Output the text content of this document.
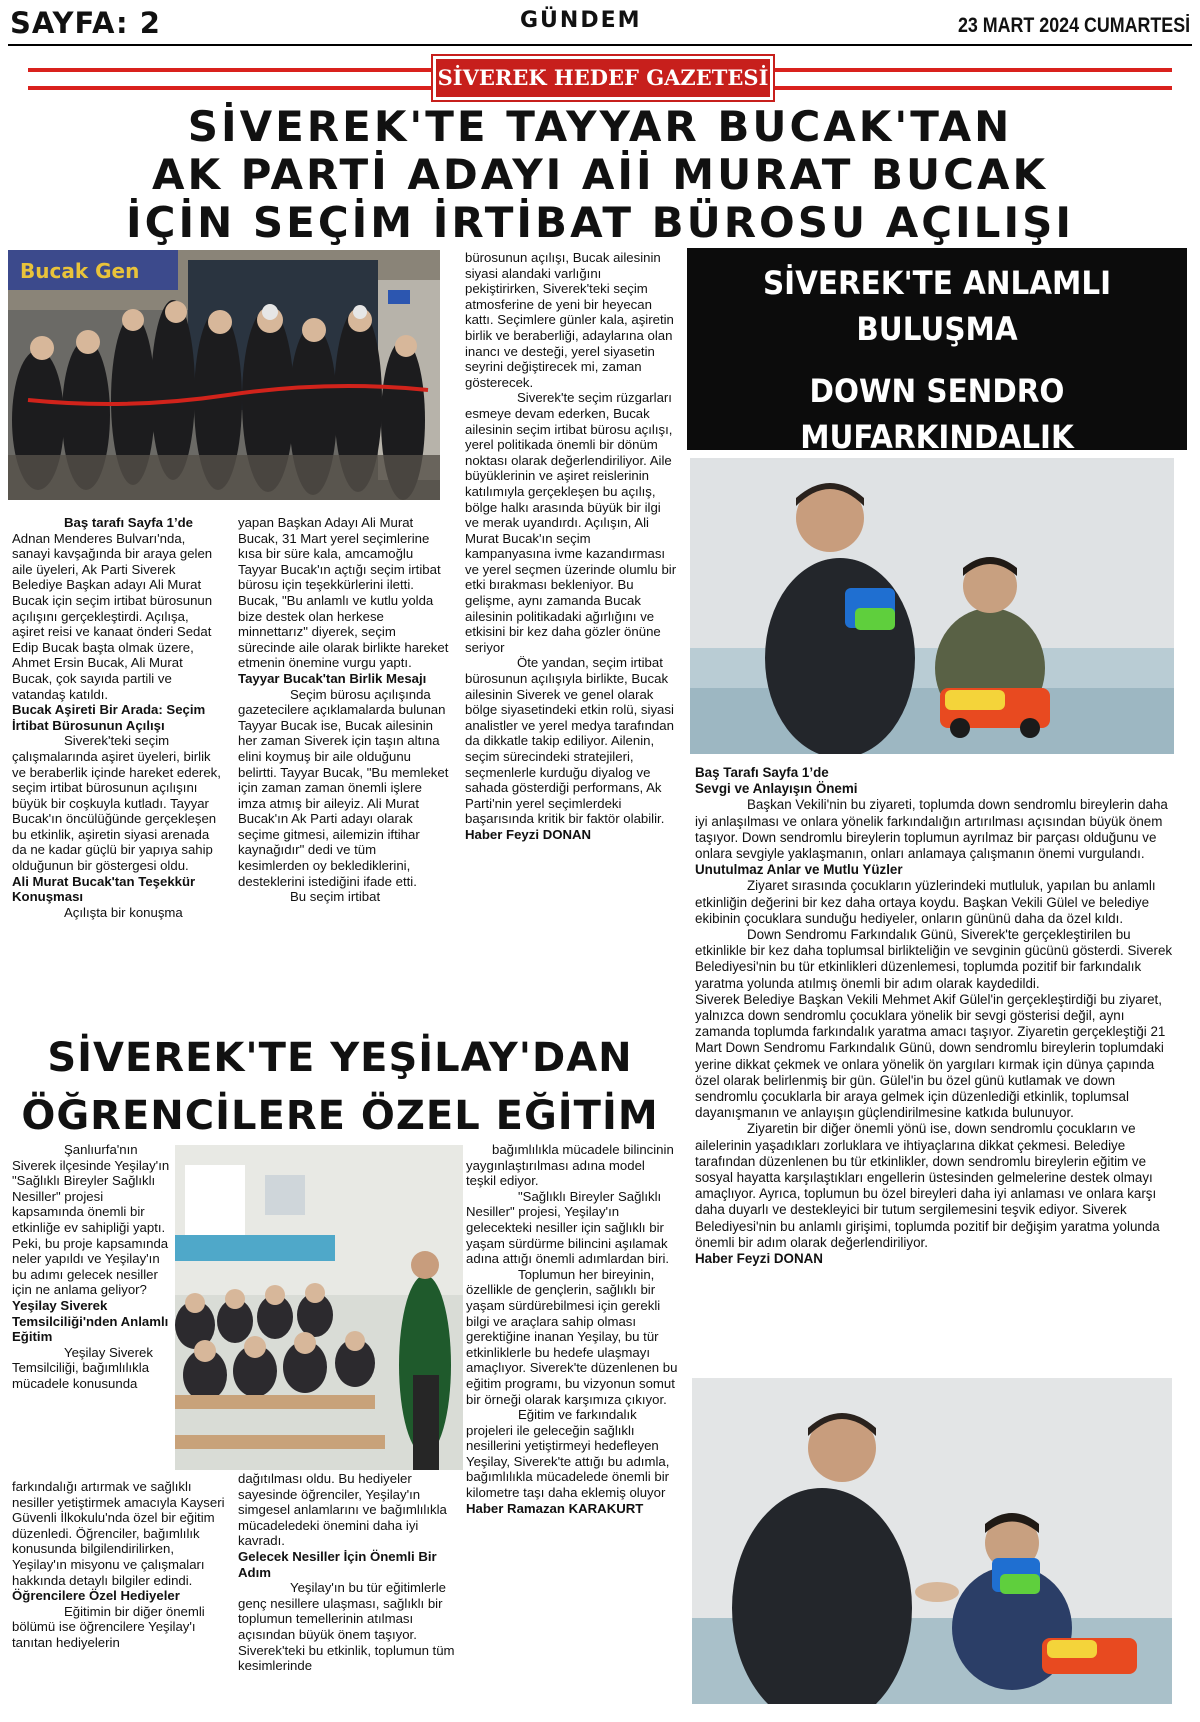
SAYFA: 2	GÜNDEM	23 MART 2024 CUMARTESİ
SİVEREK HEDEF GAZETESİ
SİVEREK'TE TAYYAR BUCAK'TAN
AK PARTİ ADAYI Aİİ MURAT BUCAK
İÇİN SEÇİM İRTİBAT BÜROSU AÇILIŞI
Bucak Gen

Baş tarafı Sayfa 1’de
Adnan Menderes Bulvarı'nda, sanayi kavşağında bir araya gelen aile üyeleri, Ak Parti Siverek Belediye Başkan adayı Ali Murat Bucak için seçim irtibat bürosunun açılışını gerçekleştirdi. Açılışa, aşiret reisi ve kanaat önderi Sedat Edip Bucak başta olmak üzere, Ahmet Ersin Bucak, Ali Murat Bucak, çok sayıda partili ve vatandaş katıldı.

Bucak Aşireti Bir Arada: Seçim İrtibat Bürosunun Açılışı

Siverek'teki seçim çalışmalarında aşiret üyeleri, birlik ve beraberlik içinde hareket ederek, seçim irtibat bürosunun açılışını büyük bir coşkuyla kutladı. Tayyar Bucak'ın öncülüğünde gerçekleşen bu etkinlik, aşiretin siyasi arenada da ne kadar güçlü bir yapıya sahip olduğunun bir göstergesi oldu.

Ali Murat Bucak'tan Teşekkür Konuşması

Açılışta bir konuşma

yapan Başkan Adayı Ali Murat Bucak, 31 Mart yerel seçimlerine kısa bir süre kala, amcamoğlu Tayyar Bucak'ın açtığı seçim irtibat bürosu için teşekkürlerini iletti. Bucak, "Bu anlamlı ve kutlu yolda bize destek olan herkese minnettarız" diyerek, seçim sürecinde aile olarak birlikte hareket etmenin önemine vurgu yaptı.

Tayyar Bucak'tan Birlik Mesajı

Seçim bürosu açılışında gazetecilere açıklamalarda bulunan Tayyar Bucak ise, Bucak ailesinin her zaman Siverek için taşın altına elini koymuş bir aile olduğunu belirtti. Tayyar Bucak, "Bu memleket için zaman zaman önemli işlere imza atmış bir aileyiz. Ali Murat Bucak'ın Ak Parti adayı olarak seçime gitmesi, ailemizin iftihar kaynağıdır" dedi ve tüm kesimlerden oy beklediklerini, desteklerini istediğini ifade etti.

Bu seçim irtibat

bürosunun açılışı, Bucak ailesinin siyasi alandaki varlığını pekiştirirken, Siverek'teki seçim atmosferine de yeni bir heyecan kattı. Seçimlere günler kala, aşiretin birlik ve beraberliği, adaylarına olan inancı ve desteği, yerel siyasetin seyrini değiştirecek mi, zaman gösterecek.

Siverek'te seçim rüzgarları esmeye devam ederken, Bucak ailesinin seçim irtibat bürosu açılışı, yerel politikada önemli bir dönüm noktası olarak değerlendiriliyor. Aile büyüklerinin ve aşiret reislerinin katılımıyla gerçekleşen bu açılış, bölge halkı arasında büyük bir ilgi ve merak uyandırdı. Açılışın, Ali Murat Bucak'ın seçim kampanyasına ivme kazandırması ve yerel seçmen üzerinde olumlu bir etki bırakması bekleniyor. Bu gelişme, aynı zamanda Bucak ailesinin politikadaki ağırlığını ve etkisini bir kez daha gözler önüne seriyor

Öte yandan, seçim irtibat bürosunun açılışıyla birlikte, Bucak ailesinin Siverek ve genel olarak bölge siyasetindeki etkin rolü, siyasi analistler ve yerel medya tarafından da dikkatle takip ediliyor. Ailenin, seçim sürecindeki stratejileri, seçmenlerle kurduğu diyalog ve sahada gösterdiği performans, Ak Parti'nin yerel seçimlerdeki başarısında kritik bir faktör olabilir.

Haber Feyzi DONAN

SİVEREK'TE ANLAMLI BULUŞMA
DOWN SENDRO MUFARKINDALIK

Baş Tarafı Sayfa 1’de

Sevgi ve Anlayışın Önemi

Başkan Vekili'nin bu ziyareti, toplumda down sendromlu bireylerin daha iyi anlaşılması ve onlara yönelik farkındalığın artırılması açısından büyük önem taşıyor. Down sendromlu bireylerin toplumun ayrılmaz bir parçası olduğunu ve onlara sevgiyle yaklaşmanın, onları anlamaya çalışmanın önemi vurgulandı.

Unutulmaz Anlar ve Mutlu Yüzler

Ziyaret sırasında çocukların yüzlerindeki mutluluk, yapılan bu anlamlı etkinliğin değerini bir kez daha ortaya koydu. Başkan Vekili Gülel ve belediye ekibinin çocuklara sunduğu hediyeler, onların gününü daha da özel kıldı.

Down Sendromu Farkındalık Günü, Siverek'te gerçekleştirilen bu etkinlikle bir kez daha toplumsal birlikteliğin ve sevginin gücünü gösterdi. Siverek Belediyesi'nin bu tür etkinlikleri düzenlemesi, toplumda pozitif bir farkındalık yaratma yolunda atılmış önemli bir adım olarak kaydedildi.

Siverek Belediye Başkan Vekili Mehmet Akif Gülel'in gerçekleştirdiği bu ziyaret, yalnızca down sendromlu çocuklara yönelik bir sevgi gösterisi değil, aynı zamanda toplumda farkındalık yaratma amacı taşıyor. Ziyaretin gerçekleştiği 21 Mart Down Sendromu Farkındalık Günü, down sendromlu bireylerin toplumdaki yerine dikkat çekmek ve onlara yönelik ön yargıları kırmak için dünya çapında özel olarak belirlenmiş bir gün. Gülel'in bu özel günü kutlamak ve down sendromlu çocuklarla bir araya gelmek için düzenlediği etkinlik, toplumsal dayanışmanın ve anlayışın güçlendirilmesine katkıda bulunuyor.

Ziyaretin bir diğer önemli yönü ise, down sendromlu çocukların ve ailelerinin yaşadıkları zorluklara ve ihtiyaçlarına dikkat çekmesi. Belediye tarafından düzenlenen bu tür etkinlikler, down sendromlu bireylerin eğitim ve sosyal hayatta karşılaştıkları engellerin üstesinden gelmelerine destek olmayı amaçlıyor. Ayrıca, toplumun bu özel bireyleri daha iyi anlaması ve onlara karşı daha duyarlı ve destekleyici bir tutum sergilemesini teşvik ediyor. Siverek Belediyesi'nin bu anlamlı girişimi, toplumda pozitif bir değişim yaratma yolunda önemli bir adım olarak değerlendiriliyor.

Haber Feyzi DONAN

SİVEREK'TE YEŞİLAY'DAN
ÖĞRENCİLERE ÖZEL EĞİTİM

Şanlıurfa'nın Siverek ilçesinde Yeşilay'ın "Sağlıklı Bireyler Sağlıklı Nesiller" projesi kapsamında önemli bir etkinliğe ev sahipliği yaptı. Peki, bu proje kapsamında neler yapıldı ve Yeşilay'ın bu adımı gelecek nesiller için ne anlama geliyor?

Yeşilay Siverek Temsilciliği'nden Anlamlı Eğitim

Yeşilay Siverek Temsilciliği, bağımlılıkla mücadele konusunda

farkındalığı artırmak ve sağlıklı nesiller yetiştirmek amacıyla Kayseri Güvenli İlkokulu'nda özel bir eğitim düzenledi. Öğrenciler, bağımlılık konusunda bilgilendirilirken, Yeşilay'ın misyonu ve çalışmaları hakkında detaylı bilgiler edindi.

Öğrencilere Özel Hediyeler

Eğitimin bir diğer önemli bölümü ise öğrencilere Yeşilay'ı tanıtan hediyelerin

dağıtılması oldu. Bu hediyeler sayesinde öğrenciler, Yeşilay'ın simgesel anlamlarını ve bağımlılıkla mücadeledeki önemini daha iyi kavradı.

Gelecek Nesiller İçin Önemli Bir Adım

Yeşilay'ın bu tür eğitimlerle genç nesillere ulaşması, sağlıklı bir toplumun temellerinin atılması açısından büyük önem taşıyor. Siverek'teki bu etkinlik, toplumun tüm kesimlerinde

bağımlılıkla mücadele bilincinin yaygınlaştırılması adına model teşkil ediyor.

"Sağlıklı Bireyler Sağlıklı Nesiller" projesi, Yeşilay'ın gelecekteki nesiller için sağlıklı bir yaşam sürdürme bilincini aşılamak adına attığı önemli adımlardan biri.

Toplumun her bireyinin, özellikle de gençlerin, sağlıklı bir yaşam sürdürebilmesi için gerekli bilgi ve araçlara sahip olması gerektiğine inanan Yeşilay, bu tür etkinliklerle bu hedefe ulaşmayı amaçlıyor. Siverek'te düzenlenen bu eğitim programı, bu vizyonun somut bir örneği olarak karşımıza çıkıyor.

Eğitim ve farkındalık projeleri ile geleceğin sağlıklı nesillerini yetiştirmeyi hedefleyen Yeşilay, Siverek'te attığı bu adımla, bağımlılıkla mücadelede önemli bir kilometre taşı daha eklemiş oluyor

Haber Ramazan KARAKURT
